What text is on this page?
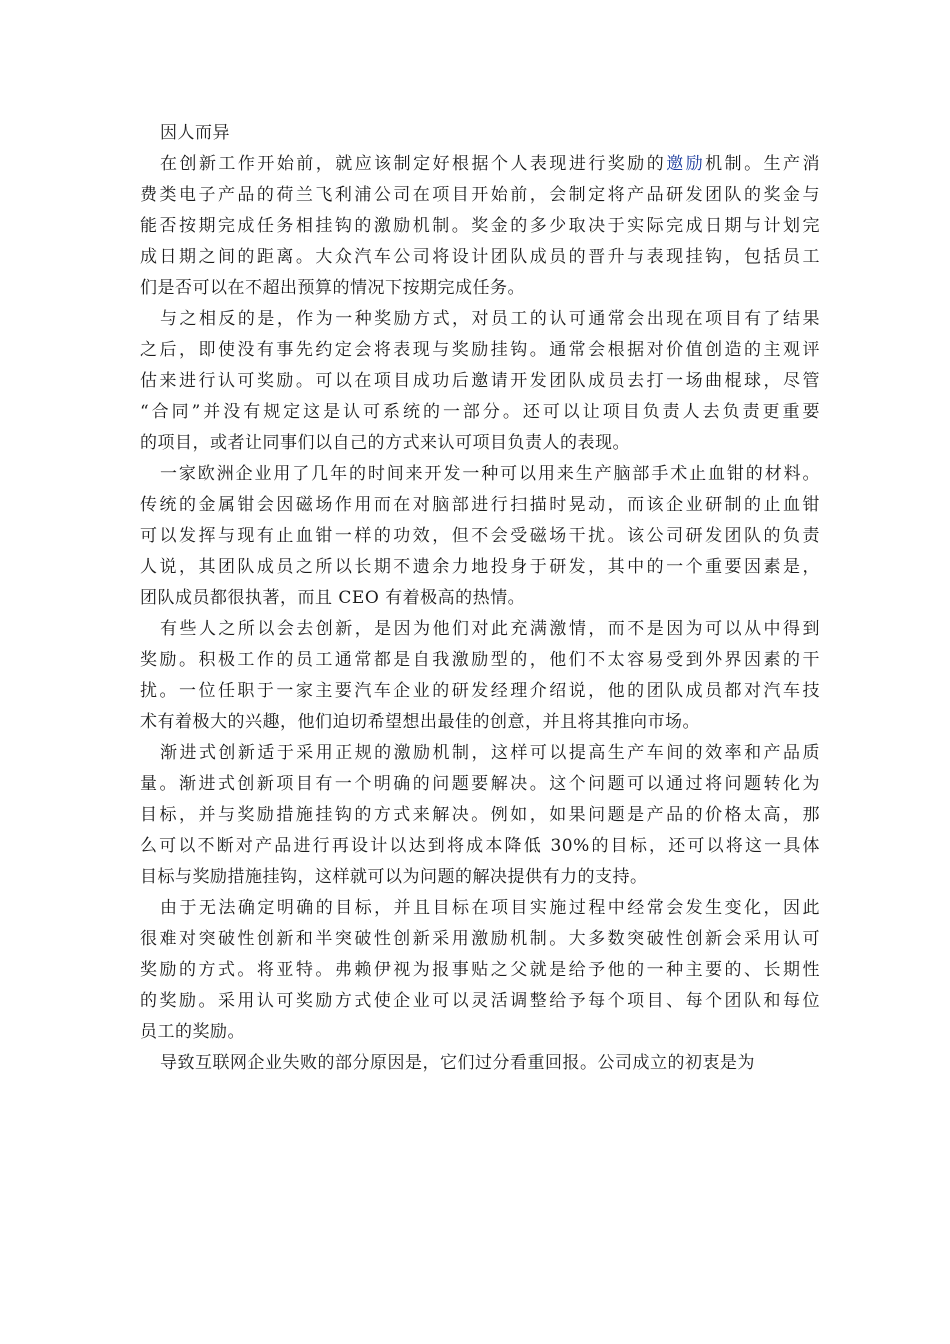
因人而异

在创新工作开始前，就应该制定好根据个人表现进行奖励的邀励机制。生产消

费类电子产品的荷兰飞利浦公司在项目开始前，会制定将产品研发团队的奖金与

能否按期完成任务相挂钩的激励机制。奖金的多少取决于实际完成日期与计划完

成日期之间的距离。大众汽车公司将设计团队成员的晋升与表现挂钩，包括员工

们是否可以在不超出预算的情况下按期完成任务。

与之相反的是，作为一种奖励方式，对员工的认可通常会出现在项目有了结果

之后，即使没有事先约定会将表现与奖励挂钩。通常会根据对价值创造的主观评

估来进行认可奖励。可以在项目成功后邀请开发团队成员去打一场曲棍球，尽管

“合同”并没有规定这是认可系统的一部分。还可以让项目负责人去负责更重要

的项目，或者让同事们以自己的方式来认可项目负责人的表现。

一家欧洲企业用了几年的时间来开发一种可以用来生产脑部手术止血钳的材料。

传统的金属钳会因磁场作用而在对脑部进行扫描时晃动，而该企业研制的止血钳

可以发挥与现有止血钳一样的功效，但不会受磁场干扰。该公司研发团队的负责

人说，其团队成员之所以长期不遗余力地投身于研发，其中的一个重要因素是，

团队成员都很执著，而且 CEO 有着极高的热情。

有些人之所以会去创新，是因为他们对此充满激情，而不是因为可以从中得到

奖励。积极工作的员工通常都是自我激励型的，他们不太容易受到外界因素的干

扰。一位任职于一家主要汽车企业的研发经理介绍说，他的团队成员都对汽车技

术有着极大的兴趣，他们迫切希望想出最佳的创意，并且将其推向市场。

渐进式创新适于采用正规的激励机制，这样可以提高生产车间的效率和产品质

量。渐进式创新项目有一个明确的问题要解决。这个问题可以通过将问题转化为

目标，并与奖励措施挂钩的方式来解决。例如，如果问题是产品的价格太高，那

么可以不断对产品进行再设计以达到将成本降低 30%的目标，还可以将这一具体

目标与奖励措施挂钩，这样就可以为问题的解决提供有力的支持。

由于无法确定明确的目标，并且目标在项目实施过程中经常会发生变化，因此

很难对突破性创新和半突破性创新采用激励机制。大多数突破性创新会采用认可

奖励的方式。将亚特。弗赖伊视为报事贴之父就是给予他的一种主要的、长期性

的奖励。采用认可奖励方式使企业可以灵活调整给予每个项目、每个团队和每位

员工的奖励。

导致互联网企业失败的部分原因是，它们过分看重回报。公司成立的初衷是为
